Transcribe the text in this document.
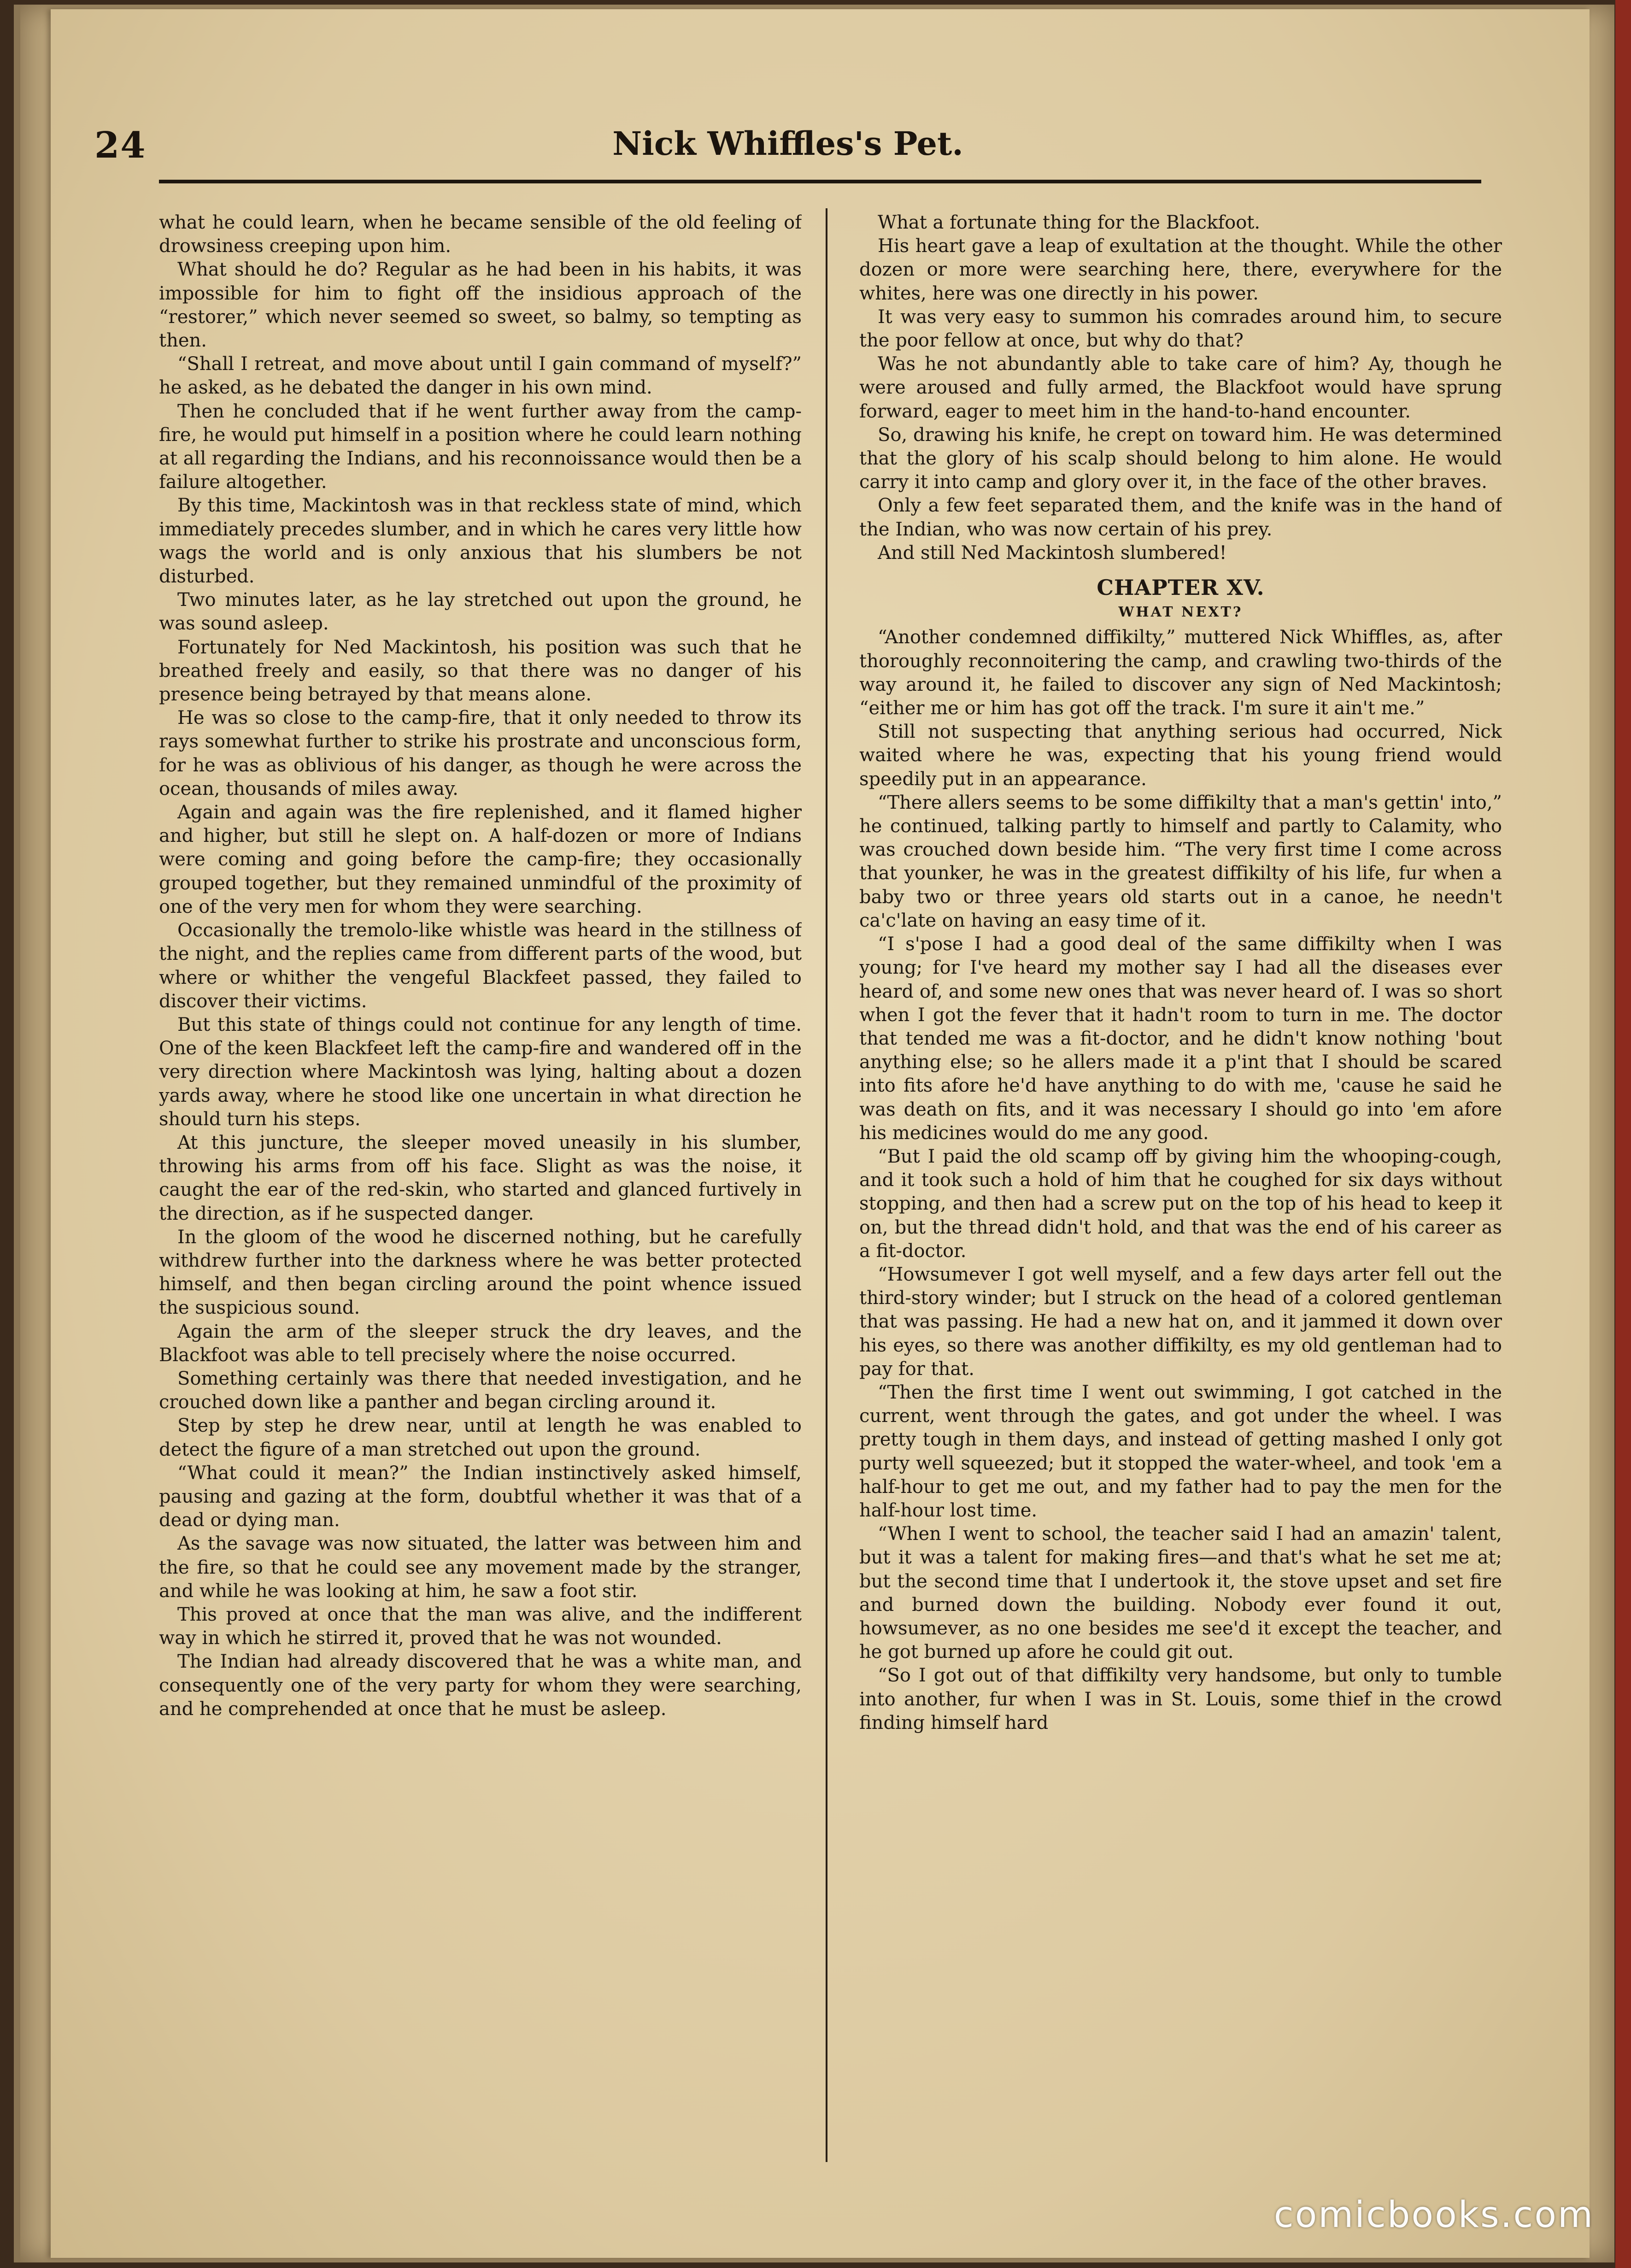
24	Nick Whiffles's Pet.

what he could learn, when he became sensible of the old feeling of drowsiness creeping upon him.

What should he do? Regular as he had been in his habits, it was impossible for him to fight off the insidious approach of the “restorer,” which never seemed so sweet, so balmy, so tempting as then.

“Shall I retreat, and move about until I gain command of myself?” he asked, as he debated the danger in his own mind.

Then he concluded that if he went further away from the camp-fire, he would put himself in a position where he could learn nothing at all regarding the Indians, and his reconnoissance would then be a failure altogether.

By this time, Mackintosh was in that reckless state of mind, which immediately precedes slumber, and in which he cares very little how wags the world and is only anxious that his slumbers be not disturbed.

Two minutes later, as he lay stretched out upon the ground, he was sound asleep.

Fortunately for Ned Mackintosh, his position was such that he breathed freely and easily, so that there was no danger of his presence being betrayed by that means alone.

He was so close to the camp-fire, that it only needed to throw its rays somewhat further to strike his prostrate and unconscious form, for he was as oblivious of his danger, as though he were across the ocean, thousands of miles away.

Again and again was the fire replenished, and it flamed higher and higher, but still he slept on. A half-dozen or more of Indians were coming and going before the camp-fire; they occasionally grouped together, but they remained unmindful of the proximity of one of the very men for whom they were searching.

Occasionally the tremolo-like whistle was heard in the stillness of the night, and the replies came from different parts of the wood, but where or whither the vengeful Blackfeet passed, they failed to discover their victims.

But this state of things could not continue for any length of time. One of the keen Blackfeet left the camp-fire and wandered off in the very direction where Mackintosh was lying, halting about a dozen yards away, where he stood like one uncertain in what direction he should turn his steps.

At this juncture, the sleeper moved uneasily in his slumber, throwing his arms from off his face. Slight as was the noise, it caught the ear of the red-skin, who started and glanced furtively in the direction, as if he suspected danger.

In the gloom of the wood he discerned nothing, but he carefully withdrew further into the darkness where he was better protected himself, and then began circling around the point whence issued the suspicious sound.

Again the arm of the sleeper struck the dry leaves, and the Blackfoot was able to tell precisely where the noise occurred.

Something certainly was there that needed investigation, and he crouched down like a panther and began circling around it.

Step by step he drew near, until at length he was enabled to detect the figure of a man stretched out upon the ground.

“What could it mean?” the Indian instinctively asked himself, pausing and gazing at the form, doubtful whether it was that of a dead or dying man.

As the savage was now situated, the latter was between him and the fire, so that he could see any movement made by the stranger, and while he was looking at him, he saw a foot stir.

This proved at once that the man was alive, and the indifferent way in which he stirred it, proved that he was not wounded.

The Indian had already discovered that he was a white man, and consequently one of the very party for whom they were searching, and he comprehended at once that he must be asleep.

What a fortunate thing for the Blackfoot.

His heart gave a leap of exultation at the thought. While the other dozen or more were searching here, there, everywhere for the whites, here was one directly in his power.

It was very easy to summon his comrades around him, to secure the poor fellow at once, but why do that?

Was he not abundantly able to take care of him? Ay, though he were aroused and fully armed, the Blackfoot would have sprung forward, eager to meet him in the hand-to-hand encounter.

So, drawing his knife, he crept on toward him. He was determined that the glory of his scalp should belong to him alone. He would carry it into camp and glory over it, in the face of the other braves.

Only a few feet separated them, and the knife was in the hand of the Indian, who was now certain of his prey.

And still Ned Mackintosh slumbered!

CHAPTER XV.
WHAT NEXT?

“Another condemned diffikilty,” muttered Nick Whiffles, as, after thoroughly reconnoitering the camp, and crawling two-thirds of the way around it, he failed to discover any sign of Ned Mackintosh; “either me or him has got off the track. I'm sure it ain't me.”

Still not suspecting that anything serious had occurred, Nick waited where he was, expecting that his young friend would speedily put in an appearance.

“There allers seems to be some diffikilty that a man's gettin' into,” he continued, talking partly to himself and partly to Calamity, who was crouched down beside him. “The very first time I come across that younker, he was in the greatest diffikilty of his life, fur when a baby two or three years old starts out in a canoe, he needn't ca'c'late on having an easy time of it.

“I s'pose I had a good deal of the same diffikilty when I was young; for I've heard my mother say I had all the diseases ever heard of, and some new ones that was never heard of. I was so short when I got the fever that it hadn't room to turn in me. The doctor that tended me was a fit-doctor, and he didn't know nothing 'bout anything else; so he allers made it a p'int that I should be scared into fits afore he'd have anything to do with me, 'cause he said he was death on fits, and it was necessary I should go into 'em afore his medicines would do me any good.

“But I paid the old scamp off by giving him the whooping-cough, and it took such a hold of him that he coughed for six days without stopping, and then had a screw put on the top of his head to keep it on, but the thread didn't hold, and that was the end of his career as a fit-doctor.

“Howsumever I got well myself, and a few days arter fell out the third-story winder; but I struck on the head of a colored gentleman that was passing. He had a new hat on, and it jammed it down over his eyes, so there was another diffikilty, es my old gentleman had to pay for that.

“Then the first time I went out swimming, I got catched in the current, went through the gates, and got under the wheel. I was pretty tough in them days, and instead of getting mashed I only got purty well squeezed; but it stopped the water-wheel, and took 'em a half-hour to get me out, and my father had to pay the men for the half-hour lost time.

“When I went to school, the teacher said I had an amazin' talent, but it was a talent for making fires—and that's what he set me at; but the second time that I undertook it, the stove upset and set fire and burned down the building. Nobody ever found it out, howsumever, as no one besides me see'd it except the teacher, and he got burned up afore he could git out.

“So I got out of that diffikilty very handsome, but only to tumble into another, fur when I was in St. Louis, some thief in the crowd finding himself hard

comicbooks.com
